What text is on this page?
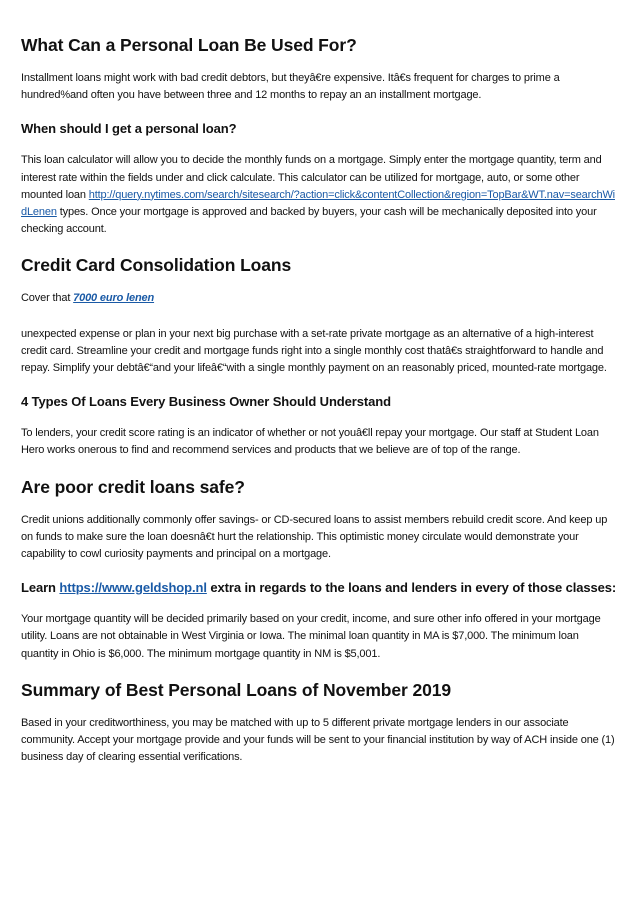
What Can a Personal Loan Be Used For?

Installment loans might work with bad credit debtors, but theyâ€re expensive. Itâ€s frequent for charges to prime a hundred%and often you have between three and 12 months to repay an an installment mortgage.

When should I get a personal loan?

This loan calculator will allow you to decide the monthly funds on a mortgage. Simply enter the mortgage quantity, term and interest rate within the fields under and click calculate. This calculator can be utilized for mortgage, auto, or some other mounted loan http://query.nytimes.com/search/sitesearch/?action=click&contentCollection&region=TopBar&WT.nav=searchWidLenen types. Once your mortgage is approved and backed by buyers, your cash will be mechanically deposited into your checking account.

Credit Card Consolidation Loans

Cover that 7000 euro lenen

unexpected expense or plan in your next big purchase with a set-rate private mortgage as an alternative of a high-interest credit card. Streamline your credit and mortgage funds right into a single monthly cost thatâ€s straightforward to handle and repay. Simplify your debtâ€“and your lifeâ€“with a single monthly payment on an reasonably priced, mounted-rate mortgage.

4 Types Of Loans Every Business Owner Should Understand

To lenders, your credit score rating is an indicator of whether or not youâ€ll repay your mortgage. Our staff at Student Loan Hero works onerous to find and recommend services and products that we believe are of top of the range.

Are poor credit loans safe?

Credit unions additionally commonly offer savings- or CD-secured loans to assist members rebuild credit score. And keep up on funds to make sure the loan doesnâ€t hurt the relationship. This optimistic money circulate would demonstrate your capability to cowl curiosity payments and principal on a mortgage.

Learn https://www.geldshop.nl extra in regards to the loans and lenders in every of those classes:

Your mortgage quantity will be decided primarily based on your credit, income, and sure other info offered in your mortgage utility. Loans are not obtainable in West Virginia or Iowa. The minimal loan quantity in MA is $7,000. The minimum loan quantity in Ohio is $6,000. The minimum mortgage quantity in NM is $5,001.

Summary of Best Personal Loans of November 2019

Based in your creditworthiness, you may be matched with up to 5 different private mortgage lenders in our associate community. Accept your mortgage provide and your funds will be sent to your financial institution by way of ACH inside one (1) business day of clearing essential verifications.
